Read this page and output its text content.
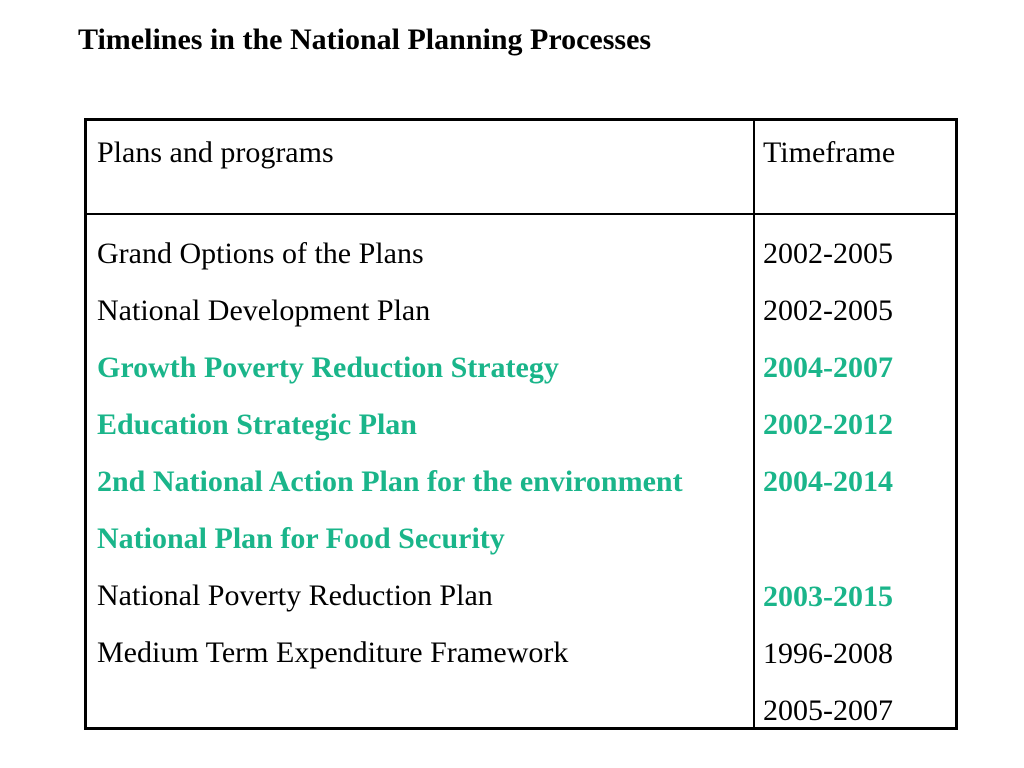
Timelines in the National Planning Processes
Plans and programs	Timeframe
Grand Options of the Plans
National Development Plan
Growth Poverty Reduction Strategy
Education Strategic Plan
2nd National Action Plan for the environment
National Plan for Food Security
National Poverty Reduction Plan
Medium Term Expenditure Framework
2002-2005
2002-2005
2004-2007
2002-2012
2004-2014
2003-2015
1996-2008
2005-2007
